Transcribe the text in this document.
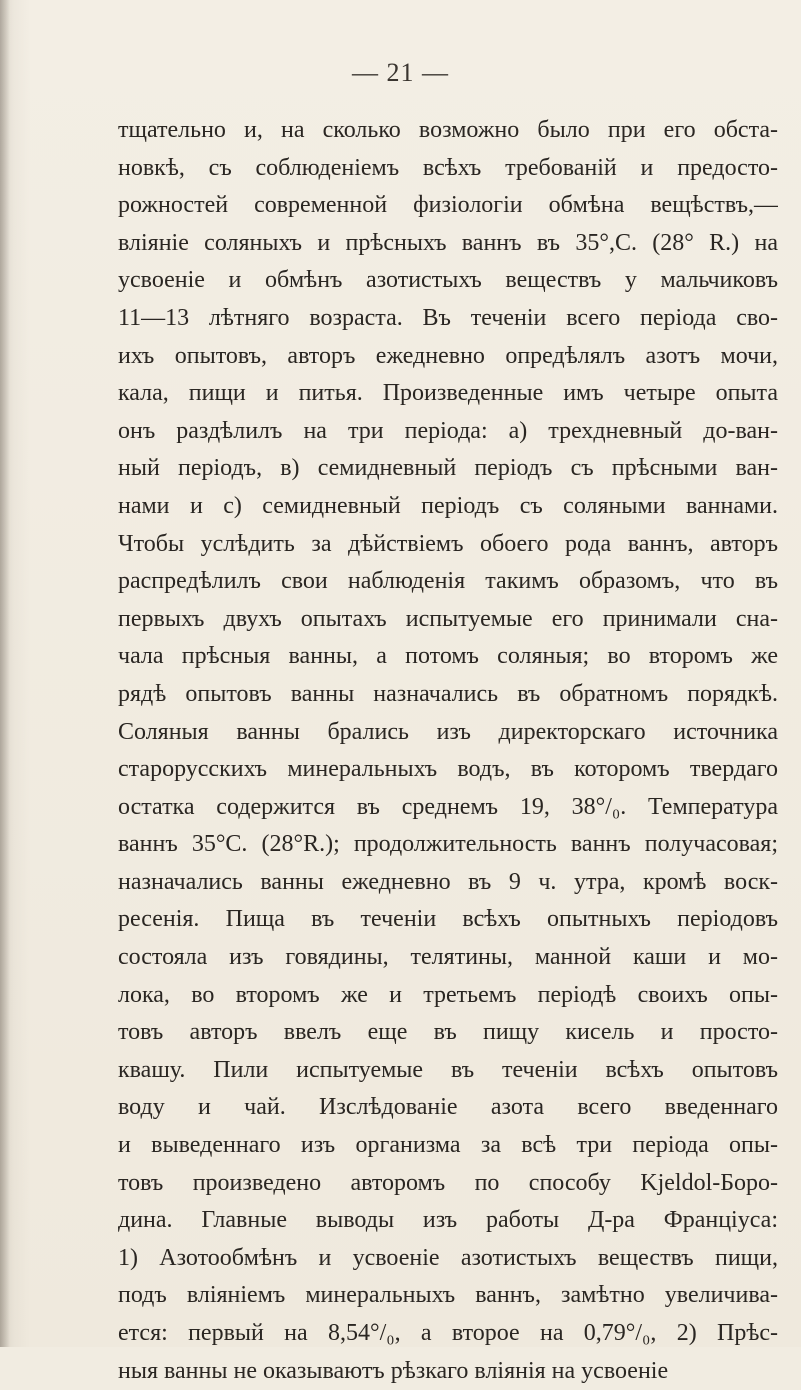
— 21 —
тщательно и, на сколько возможно было при его обста-
новкѣ, съ соблюденіемъ всѣхъ требованій и предосто-
рожностей современной физіологіи обмѣна вещѣствъ,—
вліяніе соляныхъ и прѣсныхъ ваннъ въ 35°,С. (28° R.) на
усвоеніе и обмѣнъ азотистыхъ веществъ у мальчиковъ
11—13 лѣтняго возраста. Въ теченіи всего періода сво-
ихъ опытовъ, авторъ ежедневно опредѣлялъ азотъ мочи,
кала, пищи и питья. Произведенные имъ четыре опыта
онъ раздѣлилъ на три періода: а) трехдневный до-ван-
ный періодъ, в) семидневный періодъ съ прѣсными ван-
нами и с) семидневный періодъ съ соляными ваннами.
Чтобы услѣдить за дѣйствіемъ обоего рода ваннъ, авторъ
распредѣлилъ свои наблюденія такимъ образомъ, что въ
первыхъ двухъ опытахъ испытуемые его принимали сна-
чала прѣсныя ванны, а потомъ соляныя; во второмъ же
рядѣ опытовъ ванны назначались въ обратномъ порядкѣ.
Соляныя ванны брались изъ директорскаго источника
старорусскихъ минеральныхъ водъ, въ которомъ твердаго
остатка содержится въ среднемъ 19, 38°/₀. Температура
ваннъ 35°С. (28°R.); продолжительность ваннъ получасовая;
назначались ванны ежедневно въ 9 ч. утра, кромѣ воск-
ресенія. Пища въ теченіи всѣхъ опытныхъ періодовъ
состояла изъ говядины, телятины, манной каши и мо-
лока, во второмъ же и третьемъ періодѣ своихъ опы-
товъ авторъ ввелъ еще въ пищу кисель и просто-
квашу. Пили испытуемые въ теченіи всѣхъ опытовъ
воду и чай. Изслѣдованіе азота всего введеннаго
и выведеннаго изъ организма за всѣ три періода опы-
товъ произведено авторомъ по способу Kjeldol-Боро-
дина. Главные выводы изъ работы Д-ра Франціуса:
1) Азотообмѣнъ и усвоеніе азотистыхъ веществъ пищи,
подъ вліяніемъ минеральныхъ ваннъ, замѣтно увеличива-
ется: первый на 8,54°/₀, а второе на 0,79°/₀, 2) Прѣс-
ныя ванны не оказываютъ рѣзкаго вліянія на усвоеніе
